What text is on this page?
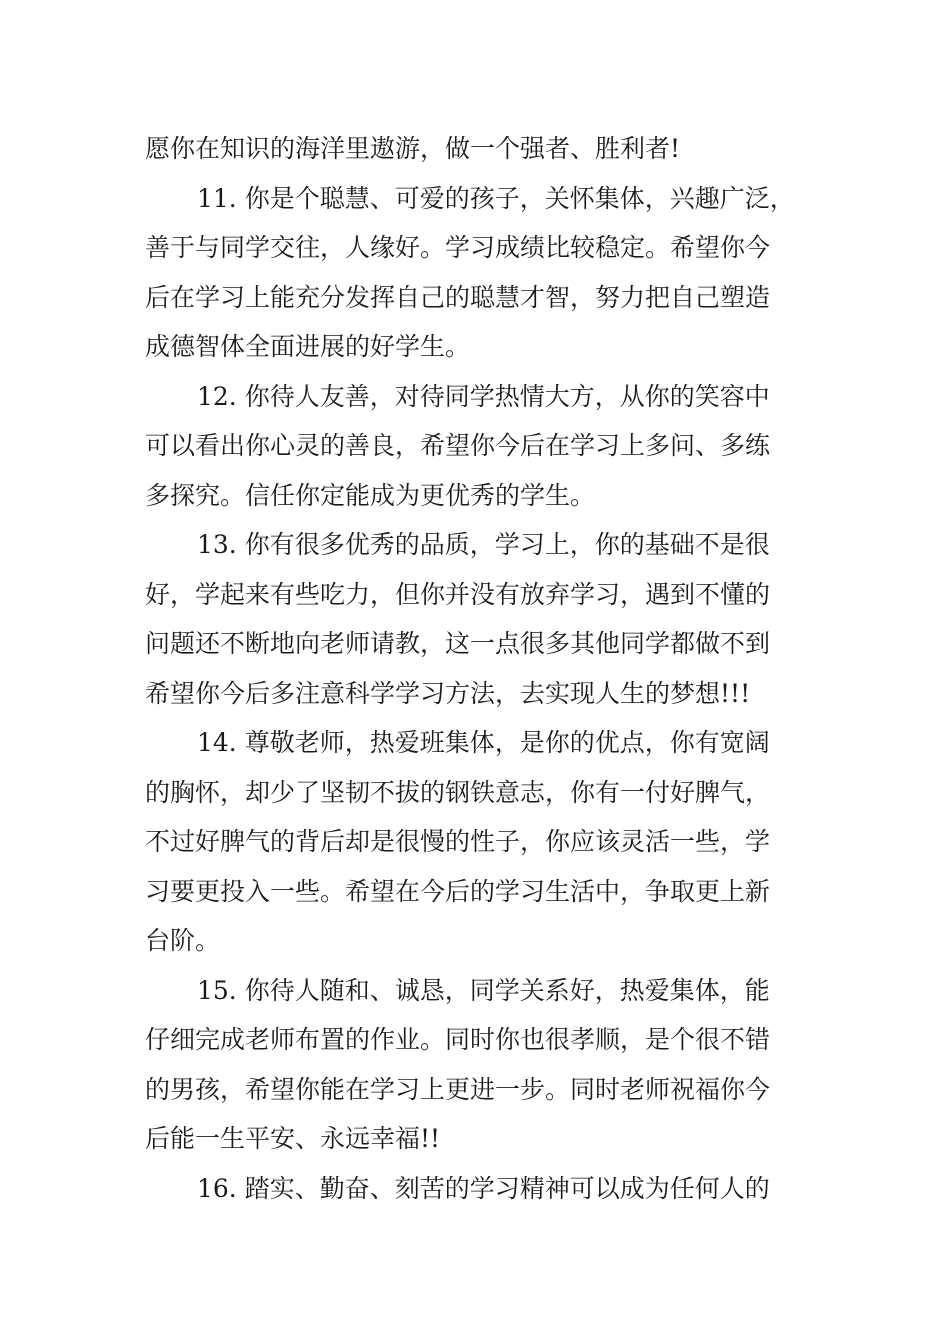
愿你在知识的海洋里遨游，做一个强者、胜利者!
11. 你是个聪慧、可爱的孩子，关怀集体，兴趣广泛，
善于与同学交往，人缘好。学习成绩比较稳定。希望你今
后在学习上能充分发挥自己的聪慧才智，努力把自己塑造
成德智体全面进展的好学生。
12. 你待人友善，对待同学热情大方，从你的笑容中
可以看出你心灵的善良，希望你今后在学习上多问、多练
多探究。信任你定能成为更优秀的学生。
13. 你有很多优秀的品质，学习上，你的基础不是很
好，学起来有些吃力，但你并没有放弃学习，遇到不懂的
问题还不断地向老师请教，这一点很多其他同学都做不到
希望你今后多注意科学学习方法，去实现人生的梦想!!!
14. 尊敬老师，热爱班集体，是你的优点，你有宽阔
的胸怀，却少了坚韧不拔的钢铁意志，你有一付好脾气，
不过好脾气的背后却是很慢的性子，你应该灵活一些，学
习要更投入一些。希望在今后的学习生活中，争取更上新
台阶。
15. 你待人随和、诚恳，同学关系好，热爱集体，能
仔细完成老师布置的作业。同时你也很孝顺，是个很不错
的男孩，希望你能在学习上更进一步。同时老师祝福你今
后能一生平安、永远幸福!!
16. 踏实、勤奋、刻苦的学习精神可以成为任何人的
